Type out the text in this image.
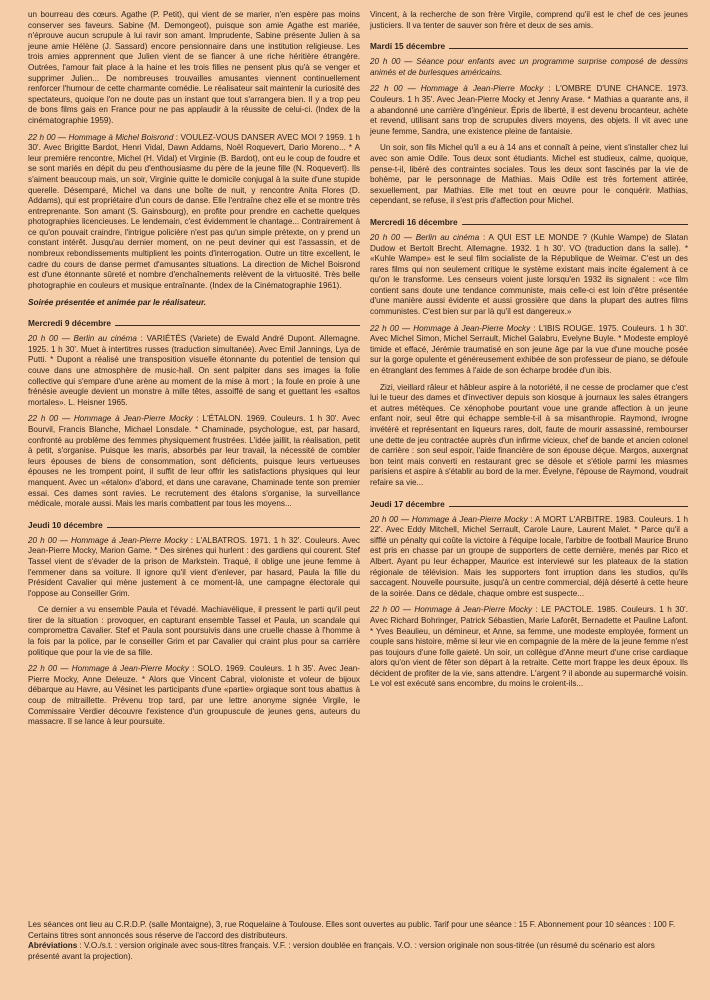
un bourreau des cœurs. Agathe (P. Petit), qui vient de se marier, n'en espère pas moins conserver ses faveurs. Sabine (M. Demongeot), puisque son amie Agathe est mariée, n'éprouve aucun scrupule à lui ravir son amant. Imprudente, Sabine présente Julien à sa jeune amie Hélène (J. Sassard) encore pensionnaire dans une institution religieuse. Les trois amies apprennent que Julien vient de se fiancer à une riche héritière étrangère. Outrées, l'amour fait place à la haine et les trois filles ne pensent plus qu'à se venger et supprimer Julien... De nombreuses trouvailles amusantes viennent continuellement renforcer l'humour de cette charmante comédie. Le réalisateur sait maintenir la curiosité des spectateurs, quoique l'on ne doute pas un instant que tout s'arrangera bien. Il y a trop peu de bons films gais en France pour ne pas applaudir à la réussite de celui-ci. (Index de la cinématographie 1959).

22 h 00 — Hommage à Michel Boisrond : VOULEZ-VOUS DANSER AVEC MOI ? 1959. 1 h 30'. Avec Brigitte Bardot, Henri Vidal, Dawn Addams, Noël Roquevert, Dario Moreno... * A leur première rencontre, Michel (H. Vidal) et Virginie (B. Bardot), ont eu le coup de foudre et se sont mariés en dépit du peu d'enthousiasme du père de la jeune fille (N. Roquevert). Ils s'aiment beaucoup mais, un soir, Virginie quitte le domicile conjugal à la suite d'une stupide querelle. Désemparé, Michel va dans une boîte de nuit, y rencontre Anita Flores (D. Addams), qui est propriétaire d'un cours de danse. Elle l'entraîne chez elle et se montre très entreprenante. Son amant (S. Gainsbourg), en profite pour prendre en cachette quelques photographies licencieuses. Le lendemain, c'est évidemment le chantage... Contrairement à ce qu'on pouvait craindre, l'intrigue policière n'est pas qu'un simple prétexte, on y prend un constant intérêt. Jusqu'au dernier moment, on ne peut deviner qui est l'assassin, et de nombreux rebondissements multiplient les points d'interrogation. Outre un titre excellent, le cadre du cours de danse permet d'amusantes situations. La direction de Michel Boisrond est d'une étonnante sûreté et nombre d'enchaînements relèvent de la virtuosité. Très belle photographie en couleurs et musique entraînante. (Index de la Cinématographie 1961).

Soirée présentée et animée par le réalisateur.

Mercredi 9 décembre

20 h 00 — Berlin au cinéma : VARIÉTÉS (Variete) de Ewald André Dupont. Allemagne. 1925. 1 h 30'. Muet à intertitres russes (traduction simultanée). Avec Emil Jannings, Lya de Putti. * Dupont a réalisé une transposition visuelle étonnante du potentiel de tension qui couve dans une atmosphère de music-hall. On sent palpiter dans ses images la folie collective qui s'empare d'une arène au moment de la mise à mort ; la foule en proie à une frénésie aveugle devient un monstre à mille têtes, assoiffé de sang et guettant les «saltos mortales». L. Heisner 1965.

22 h 00 — Hommage à Jean-Pierre Mocky : L'ÉTALON. 1969. Couleurs. 1 h 30'. Avec Bourvil, Francis Blanche, Michael Lonsdale. * Chaminade, psychologue, est, par hasard, confronté au problème des femmes physiquement frustrées. L'idée jaillit, la réalisation, petit à petit, s'organise. Puisque les maris, absorbés par leur travail, la nécessité de combler leurs épouses de biens de consommation, sont déficients, puisque leurs vertueuses épouses ne les trompent point, il suffit de leur offrir les satisfactions physiques qui leur manquent. Avec un «étalon» d'abord, et dans une caravane, Chaminade tente son premier essai. Ces dames sont ravies. Le recrutement des étalons s'organise, la surveillance médicale, morale aussi. Mais les maris combattent par tous les moyens...

Jeudi 10 décembre

20 h 00 — Hommage à Jean-Pierre Mocky : L'ALBATROS. 1971. 1 h 32'. Couleurs. Avec Jean-Pierre Mocky, Marion Game. * Des sirènes qui hurlent : des gardiens qui courent. Stef Tassel vient de s'évader de la prison de Markstein. Traqué, il oblige une jeune femme à l'emmener dans sa voiture. Il ignore qu'il vient d'enlever, par hasard, Paula la fille du Président Cavalier qui mène justement à ce moment-là, une campagne électorale qui l'oppose au Conseiller Grim.

Ce dernier a vu ensemble Paula et l'évadé. Machiavélique, il pressent le parti qu'il peut tirer de la situation : provoquer, en capturant ensemble Tassel et Paula, un scandale qui compromettra Cavalier. Stef et Paula sont poursuivis dans une cruelle chasse à l'homme à la fois par la police, par le conseiller Grim et par Cavalier qui craint plus pour sa carrière politique que pour la vie de sa fille.

22 h 00 — Hommage à Jean-Pierre Mocky : SOLO. 1969. Couleurs. 1 h 35'. Avec Jean-Pierre Mocky, Anne Deleuze. * Alors que Vincent Cabral, violoniste et voleur de bijoux débarque au Havre, au Vésinet les participants d'une «partie» orgiaque sont tous abattus à coup de mitraillette. Prévenu trop tard, par une lettre anonyme signée Virgile, le Commissaire Verdier découvre l'existence d'un groupuscule de jeunes gens, auteurs du massacre. Il se lance à leur poursuite.

Vincent, à la recherche de son frère Virgile, comprend qu'il est le chef de ces jeunes justiciers. Il va tenter de sauver son frère et deux de ses amis.

Mardi 15 décembre

20 h 00 — Séance pour enfants avec un programme surprise composé de dessins animés et de burlesques américains.

22 h 00 — Hommage à Jean-Pierre Mocky : L'OMBRE D'UNE CHANCE. 1973. Couleurs. 1 h 35'. Avec Jean-Pierre Mocky et Jenny Arase. * Mathias a quarante ans, il a abandonné une carrière d'ingénieur. Épris de liberté, il est devenu brocanteur, achète et revend, utilisant sans trop de scrupules divers moyens, des objets. Il vit avec une jeune femme, Sandra, une existence pleine de fantaisie.

Un soir, son fils Michel qu'il a eu à 14 ans et connaît à peine, vient s'installer chez lui avec son amie Odile. Tous deux sont étudiants. Michel est studieux, calme, quoique, pense-t-il, libéré des contraintes sociales. Tous les deux sont fascinés par la vie de bohème, par le personnage de Mathias. Mais Odile est très fortement attirée, sexuellement, par Mathias. Elle met tout en œuvre pour le conquérir. Mathias, cependant, se refuse, il s'est pris d'affection pour Michel.

Mercredi 16 décembre

20 h 00 — Berlin au cinéma : A QUI EST LE MONDE ? (Kuhle Wampe) de Slatan Dudow et Bertolt Brecht. Allemagne. 1932. 1 h 30'. VO (traduction dans la salle). * «Kuhle Wampe» est le seul film socialiste de la République de Weimar. C'est un des rares films qui non seulement critique le système existant mais incite également à ce qu'on le transforme. Les censeurs voient juste lorsqu'en 1932 ils signalent : «ce film contient sans doute une tendance communiste, mais celle-ci est loin d'être présentée d'une manière aussi évidente et aussi grossière que dans la plupart des autres films communistes. C'est bien sur par là qu'il est dangereux.»

22 h 00 — Hommage à Jean-Pierre Mocky : L'IBIS ROUGE. 1975. Couleurs. 1 h 30'. Avec Michel Simon, Michel Serrault, Michel Galabru, Evelyne Buyle. * Modeste employé timide et effacé, Jérémie traumatisé en son jeune âge par la vue d'une mouche posée sur la gorge opulente et généreusement exhibée de son professeur de piano, se défoule en étranglant des femmes à l'aide de son écharpe brodée d'un ibis.

Zizi, vieillard râleur et hâbleur aspire à la notoriété, il ne cesse de proclamer que c'est lui le tueur des dames et d'invectiver depuis son kiosque à journaux les sales étrangers et autres métèques. Ce xénophobe pourtant voue une grande affection à un jeune enfant noir, seul être qui échappe semble-t-il à sa misanthropie. Raymond, ivrogne invétéré et représentant en liqueurs rares, doit, faute de mourir assassiné, rembourser une dette de jeu contractée auprès d'un infirme vicieux, chef de bande et ancien colonel de carrière : son seul espoir, l'aide financière de son épouse déçue. Margos, auxergnat bon teint mais converti en restaurant grec se désole et s'étiole parmi les miasmes parisiens et aspire à s'établir au bord de la mer. Évelyne, l'épouse de Raymond, voudrait refaire sa vie...

Jeudi 17 décembre

20 h 00 — Hommage à Jean-Pierre Mocky : A MORT L'ARBITRE. 1983. Couleurs. 1 h 22'. Avec Eddy Mitchell, Michel Serrault, Carole Laure, Laurent Malet. * Parce qu'il a sifflé un pénalty qui coûte la victoire à l'équipe locale, l'arbitre de football Maurice Bruno est pris en chasse par un groupe de supporters de cette dernière, menés par Rico et Albert. Ayant pu leur échapper, Maurice est interviewé sur les plateaux de la station régionale de télévision. Mais les supporters font irruption dans les studios, qu'ils saccagent. Nouvelle poursuite, jusqu'à un centre commercial, déjà déserté à cette heure de la soirée. Dans ce dédale, chaque ombre est suspecte...

22 h 00 — Hommage à Jean-Pierre Mocky : LE PACTOLE. 1985. Couleurs. 1 h 30'. Avec Richard Bohringer, Patrick Sébastien, Marie Laforêt, Bernadette et Pauline Lafont. * Yves Beaulieu, un démineur, et Anne, sa femme, une modeste employée, forment un couple sans histoire, même si leur vie en compagnie de la mère de la jeune femme n'est pas toujours d'une folle gaieté. Un soir, un collègue d'Anne meurt d'une crise cardiaque alors qu'on vient de fêter son départ à la retraite. Cette mort frappe les deux époux. Ils décident de profiter de la vie, sans attendre. L'argent ? il abonde au supermarché voisin. Le vol est exécuté sans encombre, du moins le croient-ils...

Les séances ont lieu au C.R.D.P. (salle Montaigne), 3, rue Roquelaine à Toulouse. Elles sont ouvertes au public. Tarif pour une séance : 15 F. Abonnement pour 10 séances : 100 F.

Certains titres sont annoncés sous réserve de l'accord des distributeurs.

Abréviations : V.O./s.t. : version originale avec sous-titres français. V.F. : version doublée en français. V.O. : version originale non sous-titrée (un résumé du scénario est alors présenté avant la projection).
